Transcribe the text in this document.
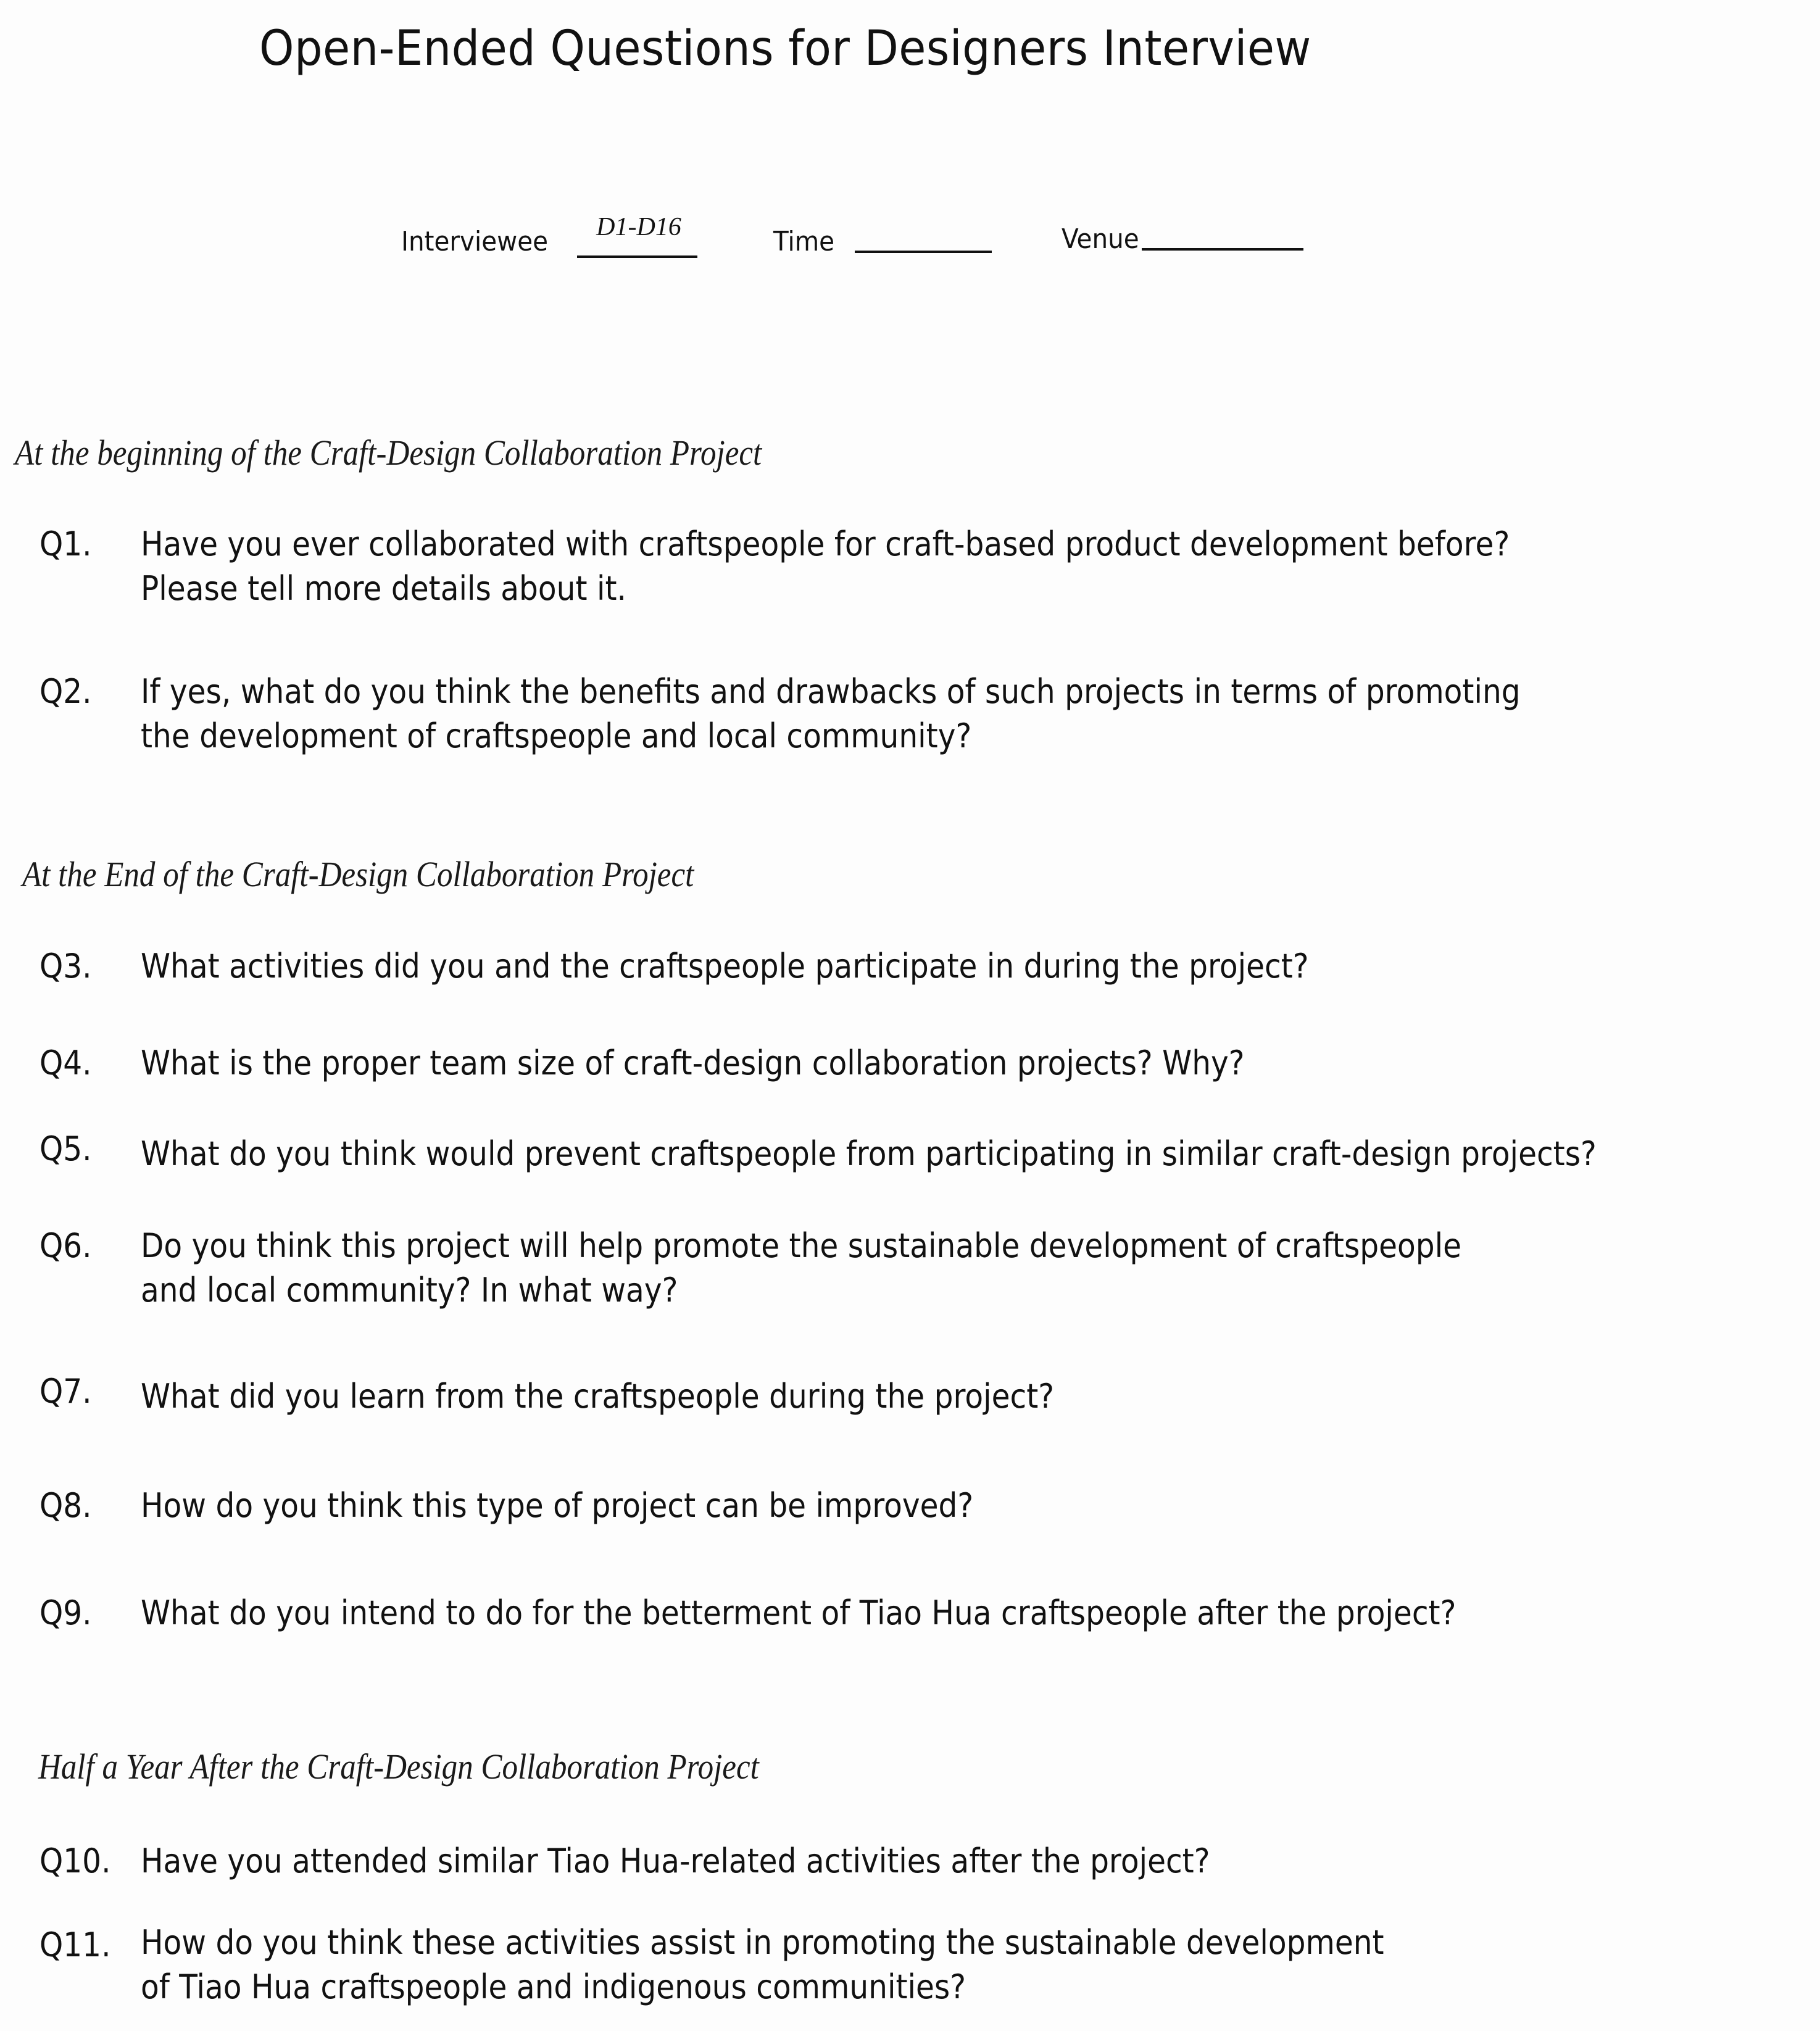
Open-Ended Questions for Designers Interview
Interviewee	D1-D16	Time	Venue
At the beginning of the Craft-Design Collaboration Project
Q1. Have you ever collaborated with craftspeople for craft-based product development before?
Please tell more details about it.
Q2. If yes, what do you think the benefits and drawbacks of such projects in terms of promoting
the development of craftspeople and local community?
At the End of the Craft-Design Collaboration Project
Q3. What activities did you and the craftspeople participate in during the project?
Q4. What is the proper team size of craft-design collaboration projects? Why?
Q5. What do you think would prevent craftspeople from participating in similar craft-design projects?
Q6. Do you think this project will help promote the sustainable development of craftspeople
and local community? In what way?
Q7. What did you learn from the craftspeople during the project?
Q8. How do you think this type of project can be improved?
Q9. What do you intend to do for the betterment of Tiao Hua craftspeople after the project?
Half a Year After the Craft-Design Collaboration Project
Q10. Have you attended similar Tiao Hua-related activities after the project?
Q11. How do you think these activities assist in promoting the sustainable development
of Tiao Hua craftspeople and indigenous communities?
